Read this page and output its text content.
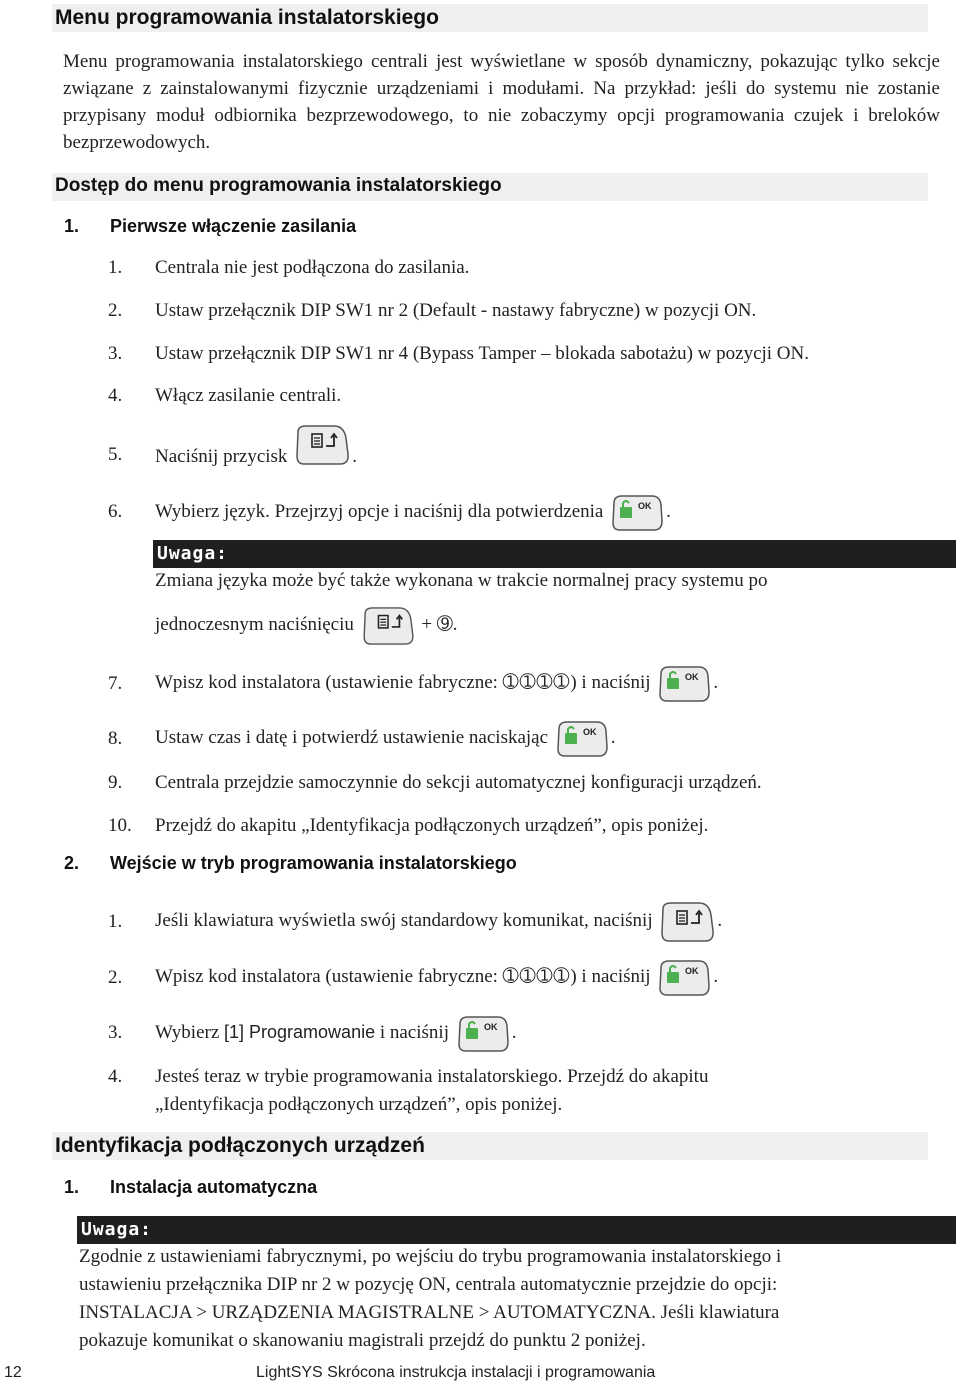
Menu programowania instalatorskiego
Menu programowania instalatorskiego centrali jest wyświetlane w sposób dynamiczny, pokazując tylko sekcje związane z zainstalowanymi fizycznie urządzeniami i modułami. Na przykład: jeśli do systemu nie zostanie przypisany moduł odbiornika bezprzewodowego, to nie zobaczymy opcji programowania czujek i breloków bezprzewodowych.
Dostęp do menu programowania instalatorskiego
1. Pierwsze włączenie zasilania
1. Centrala nie jest podłączona do zasilania.
2. Ustaw przełącznik DIP SW1 nr 2 (Default - nastawy fabryczne) w pozycji ON.
3. Ustaw przełącznik DIP SW1 nr 4 (Bypass Tamper – blokada sabotażu) w pozycji ON.
4. Włącz zasilanie centrali.
5. Naciśnij przycisk	.
6. Wybierz język. Przejrzyj opcje i naciśnij dla potwierdzenia	OK .
Uwaga:
Zmiana języka może być także wykonana w trakcie normalnej pracy systemu po
jednoczesnym naciśnięciu	+ ➈.
7. Wpisz kod instalatora (ustawienie fabryczne: ➀➀➀➀) i naciśnij	OK .
8. Ustaw czas i datę i potwierdź ustawienie naciskając	OK .
9. Centrala przejdzie samoczynnie do sekcji automatycznej konfiguracji urządzeń.
10. Przejdź do akapitu „Identyfikacja podłączonych urządzeń”, opis poniżej.
2. Wejście w tryb programowania instalatorskiego
1. Jeśli klawiatura wyświetla swój standardowy komunikat, naciśnij	.
2. Wpisz kod instalatora (ustawienie fabryczne: ➀➀➀➀) i naciśnij	OK .
3. Wybierz [1] Programowanie i naciśnij	OK .
4. Jesteś teraz w trybie programowania instalatorskiego. Przejdź do akapitu
„Identyfikacja podłączonych urządzeń”, opis poniżej.
Identyfikacja podłączonych urządzeń
1. Instalacja automatyczna
Uwaga:
Zgodnie z ustawieniami fabrycznymi, po wejściu do trybu programowania instalatorskiego i
ustawieniu przełącznika DIP nr 2 w pozycję ON, centrala automatycznie przejdzie do opcji:
INSTALACJA > URZĄDZENIA MAGISTRALNE > AUTOMATYCZNA. Jeśli klawiatura
pokazuje komunikat o skanowaniu magistrali przejdź do punktu 2 poniżej.
12	LightSYS Skrócona instrukcja instalacji i programowania
